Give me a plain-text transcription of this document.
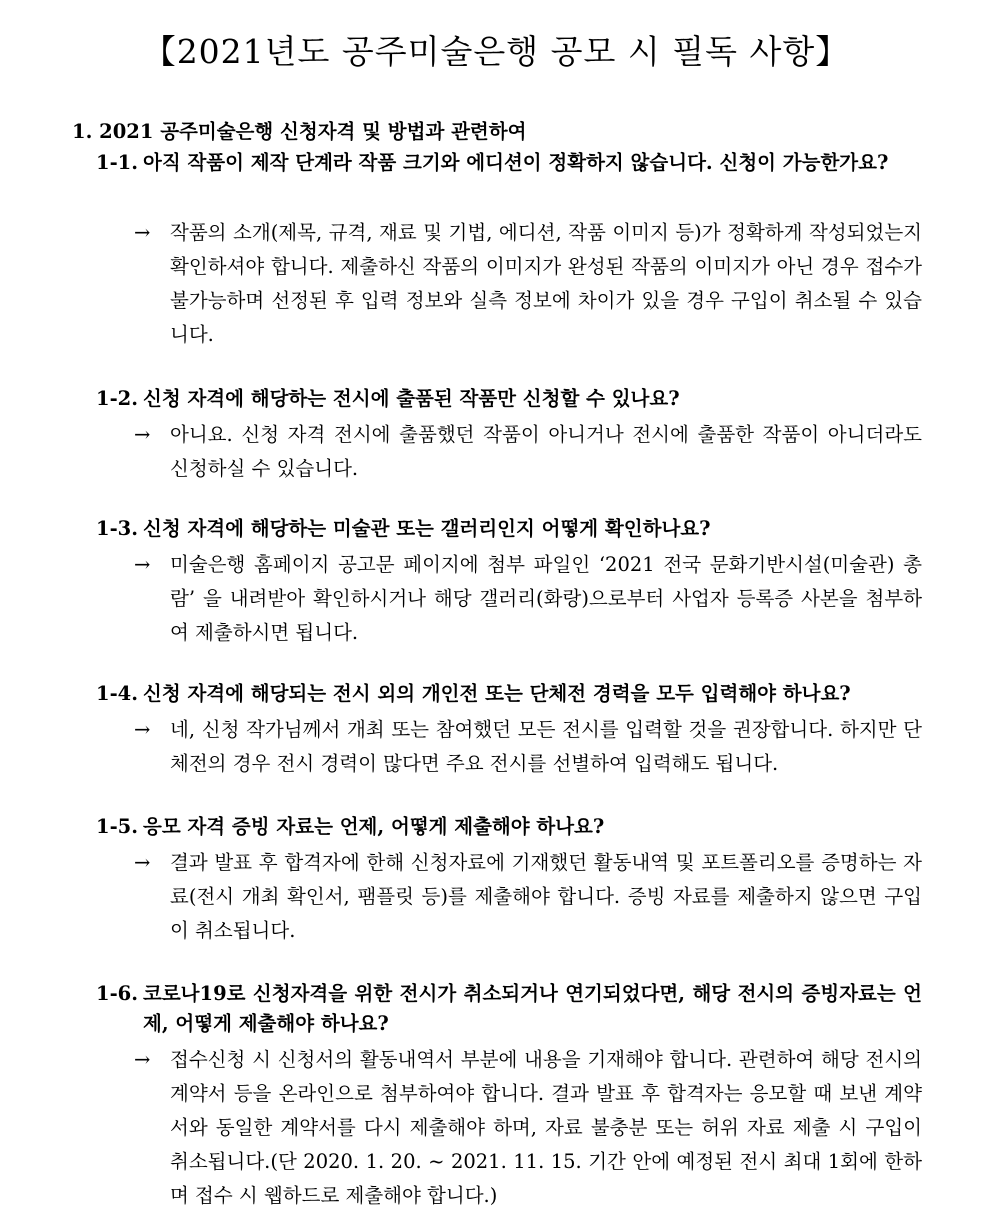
【2021년도 공주미술은행 공모 시 필독 사항】
1. 2021 공주미술은행 신청자격 및 방법과 관련하여
1-1. 아직 작품이 제작 단계라 작품 크기와 에디션이 정확하지 않습니다. 신청이 가능한가요?
→	작품의 소개(제목, 규격, 재료 및 기법, 에디션, 작품 이미지 등)가 정확하게 작성되었는지 확인하셔야 합니다. 제출하신 작품의 이미지가 완성된 작품의 이미지가 아닌 경우 접수가 불가능하며 선정된 후 입력 정보와 실측 정보에 차이가 있을 경우 구입이 취소될 수 있습니다.
1-2. 신청 자격에 해당하는 전시에 출품된 작품만 신청할 수 있나요?
→	아니요. 신청 자격 전시에 출품했던 작품이 아니거나 전시에 출품한 작품이 아니더라도 신청하실 수 있습니다.
1-3. 신청 자격에 해당하는 미술관 또는 갤러리인지 어떻게 확인하나요?
→	미술은행 홈페이지 공고문 페이지에 첨부 파일인 ‘2021 전국 문화기반시설(미술관) 총람’ 을 내려받아 확인하시거나 해당 갤러리(화랑)으로부터 사업자 등록증 사본을 첨부하여 제출하시면 됩니다.
1-4. 신청 자격에 해당되는 전시 외의 개인전 또는 단체전 경력을 모두 입력해야 하나요?
→	네, 신청 작가님께서 개최 또는 참여했던 모든 전시를 입력할 것을 권장합니다. 하지만 단체전의 경우 전시 경력이 많다면 주요 전시를 선별하여 입력해도 됩니다.
1-5. 응모 자격 증빙 자료는 언제, 어떻게 제출해야 하나요?
→	결과 발표 후 합격자에 한해 신청자료에 기재했던 활동내역 및 포트폴리오를 증명하는 자료(전시 개최 확인서, 팸플릿 등)를 제출해야 합니다. 증빙 자료를 제출하지 않으면 구입이 취소됩니다.
1-6. 코로나19로 신청자격을 위한 전시가 취소되거나 연기되었다면, 해당 전시의 증빙자료는 언제, 어떻게 제출해야 하나요?
→	접수신청 시 신청서의 활동내역서 부분에 내용을 기재해야 합니다. 관련하여 해당 전시의 계약서 등을 온라인으로 첨부하여야 합니다. 결과 발표 후 합격자는 응모할 때 보낸 계약서와 동일한 계약서를 다시 제출해야 하며, 자료 불충분 또는 허위 자료 제출 시 구입이 취소됩니다.(단 2020. 1. 20. ~ 2021. 11. 15. 기간 안에 예정된 전시 최대 1회에 한하며 접수 시 웹하드로 제출해야 합니다.)
